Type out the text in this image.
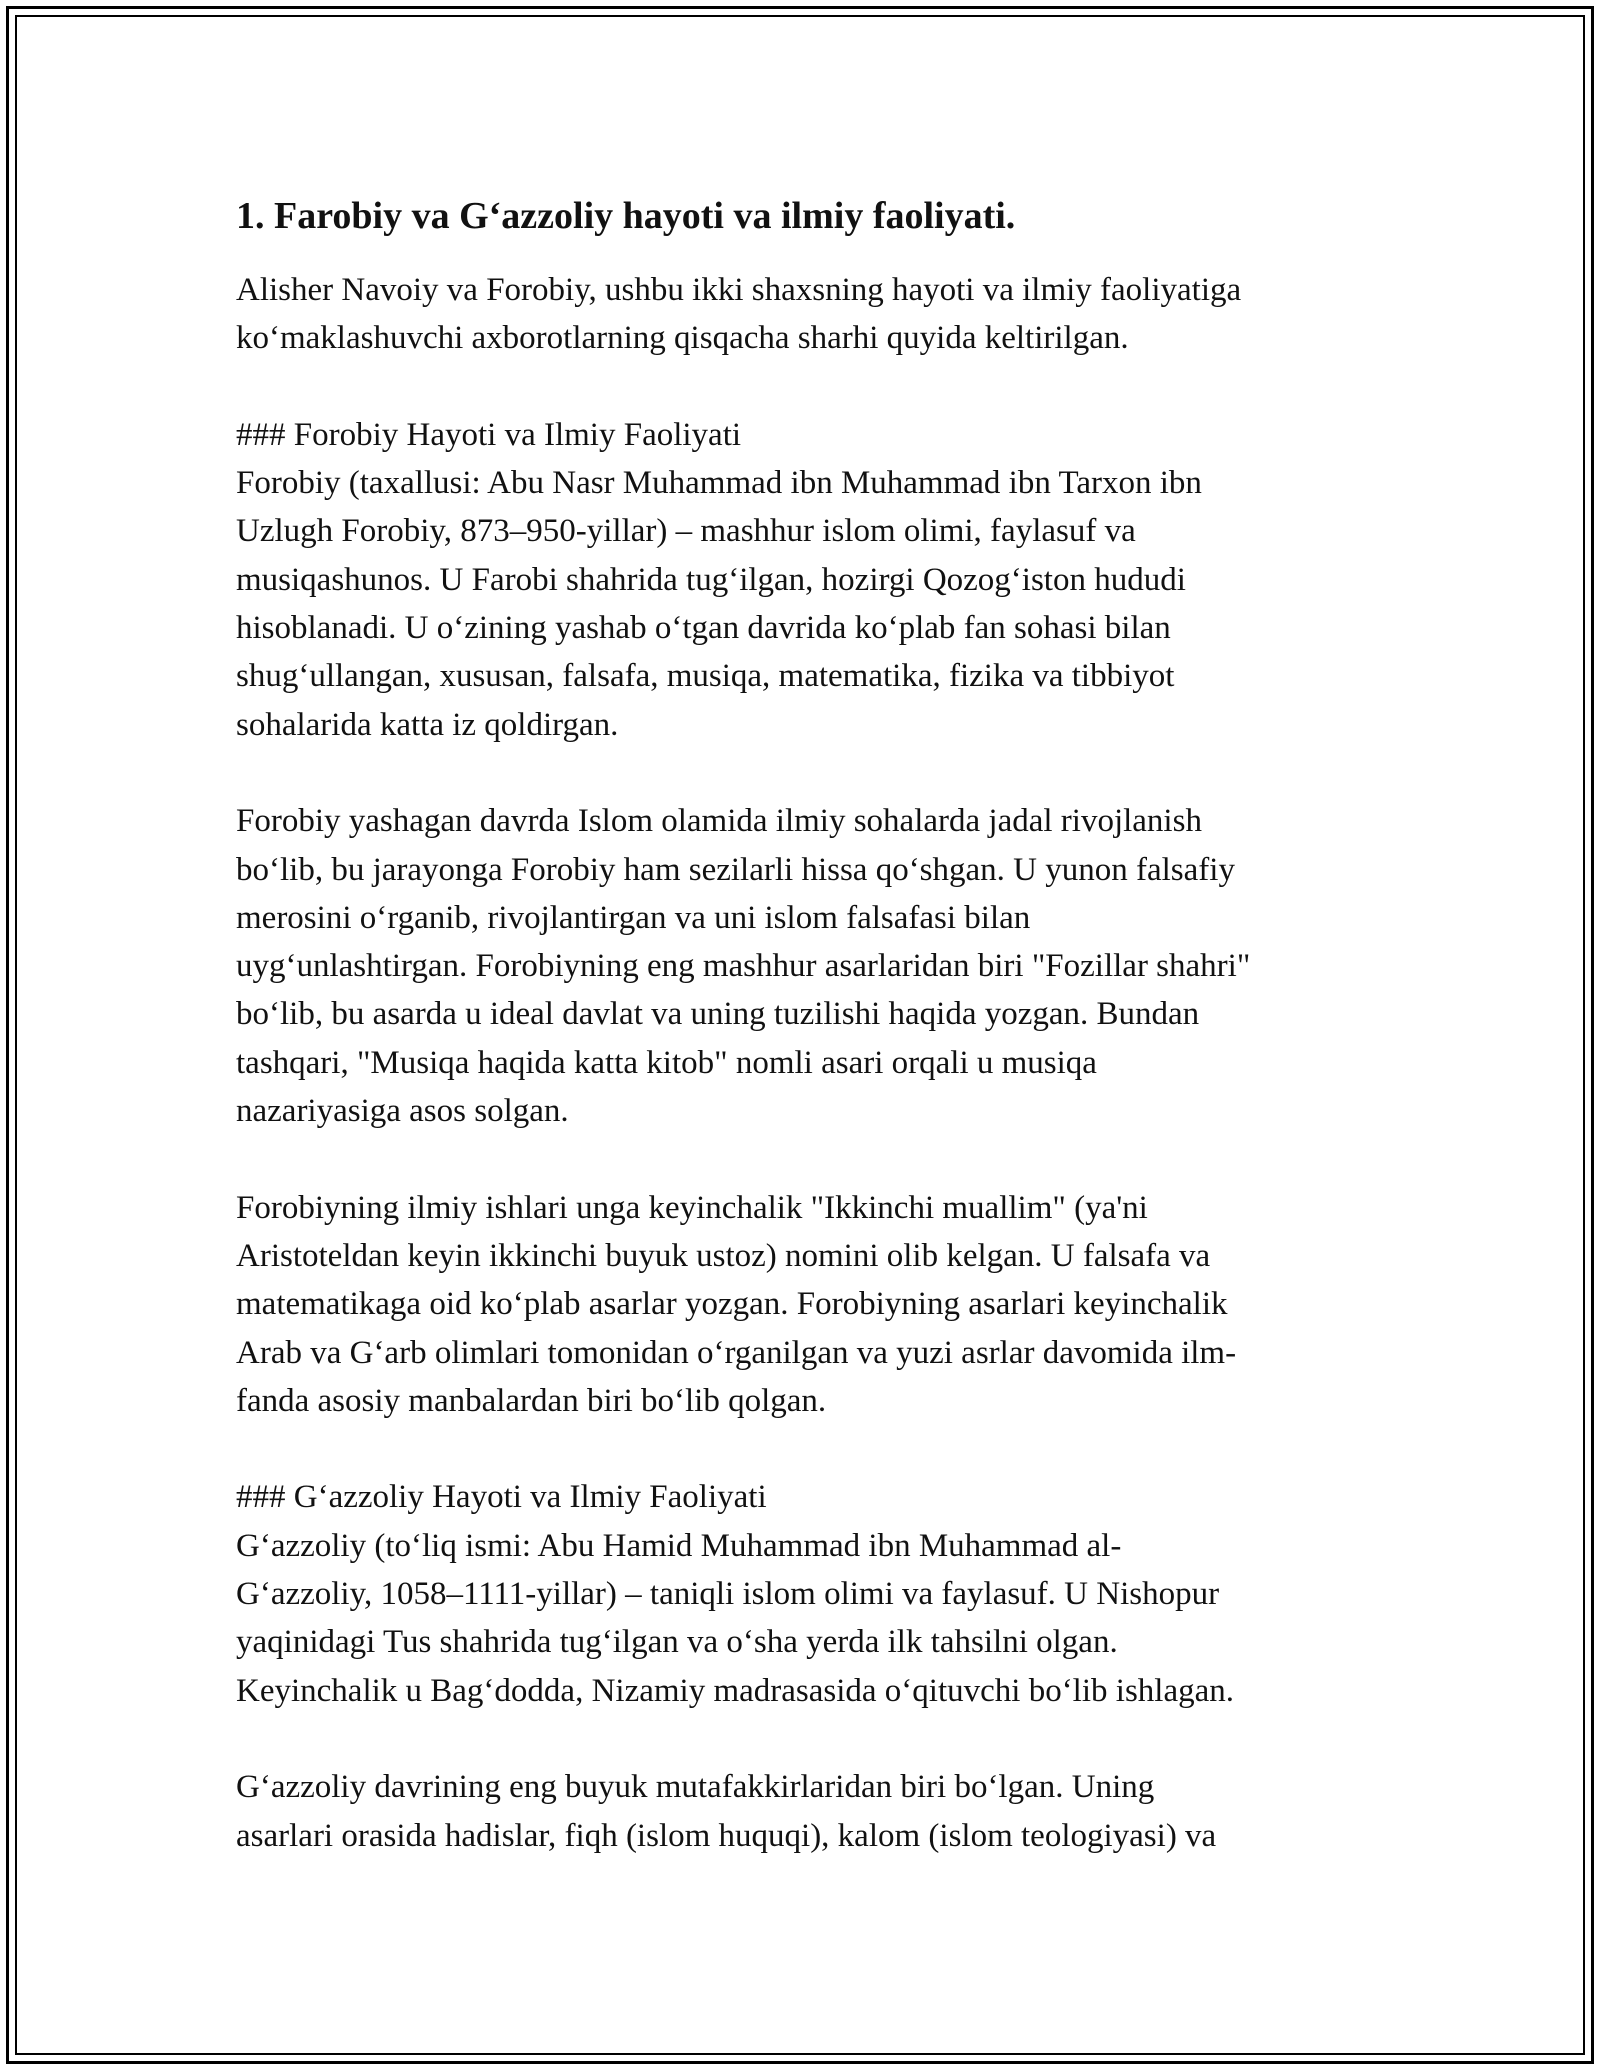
1. Farobiy va G‘azzoliy hayoti va ilmiy faoliyati.
Alisher Navoiy va Forobiy, ushbu ikki shaxsning hayoti va ilmiy faoliyatiga
ko‘maklashuvchi axborotlarning qisqacha sharhi quyida keltirilgan.
### Forobiy Hayoti va Ilmiy Faoliyati
Forobiy (taxallusi: Abu Nasr Muhammad ibn Muhammad ibn Tarxon ibn
Uzlugh Forobiy, 873–950-yillar) – mashhur islom olimi, faylasuf va
musiqashunos. U Farobi shahrida tug‘ilgan, hozirgi Qozog‘iston hududi
hisoblanadi. U o‘zining yashab o‘tgan davrida ko‘plab fan sohasi bilan
shug‘ullangan, xususan, falsafa, musiqa, matematika, fizika va tibbiyot
sohalarida katta iz qoldirgan.
Forobiy yashagan davrda Islom olamida ilmiy sohalarda jadal rivojlanish
bo‘lib, bu jarayonga Forobiy ham sezilarli hissa qo‘shgan. U yunon falsafiy
merosini o‘rganib, rivojlantirgan va uni islom falsafasi bilan
uyg‘unlashtirgan. Forobiyning eng mashhur asarlaridan biri "Fozillar shahri"
bo‘lib, bu asarda u ideal davlat va uning tuzilishi haqida yozgan. Bundan
tashqari, "Musiqa haqida katta kitob" nomli asari orqali u musiqa
nazariyasiga asos solgan.
Forobiyning ilmiy ishlari unga keyinchalik "Ikkinchi muallim" (ya'ni
Aristoteldan keyin ikkinchi buyuk ustoz) nomini olib kelgan. U falsafa va
matematikaga oid ko‘plab asarlar yozgan. Forobiyning asarlari keyinchalik
Arab va G‘arb olimlari tomonidan o‘rganilgan va yuzi asrlar davomida ilm-
fanda asosiy manbalardan biri bo‘lib qolgan.
### G‘azzoliy Hayoti va Ilmiy Faoliyati
G‘azzoliy (to‘liq ismi: Abu Hamid Muhammad ibn Muhammad al-
G‘azzoliy, 1058–1111-yillar) – taniqli islom olimi va faylasuf. U Nishopur
yaqinidagi Tus shahrida tug‘ilgan va o‘sha yerda ilk tahsilni olgan.
Keyinchalik u Bag‘dodda, Nizamiy madrasasida o‘qituvchi bo‘lib ishlagan.
G‘azzoliy davrining eng buyuk mutafakkirlaridan biri bo‘lgan. Uning
asarlari orasida hadislar, fiqh (islom huquqi), kalom (islom teologiyasi) va
